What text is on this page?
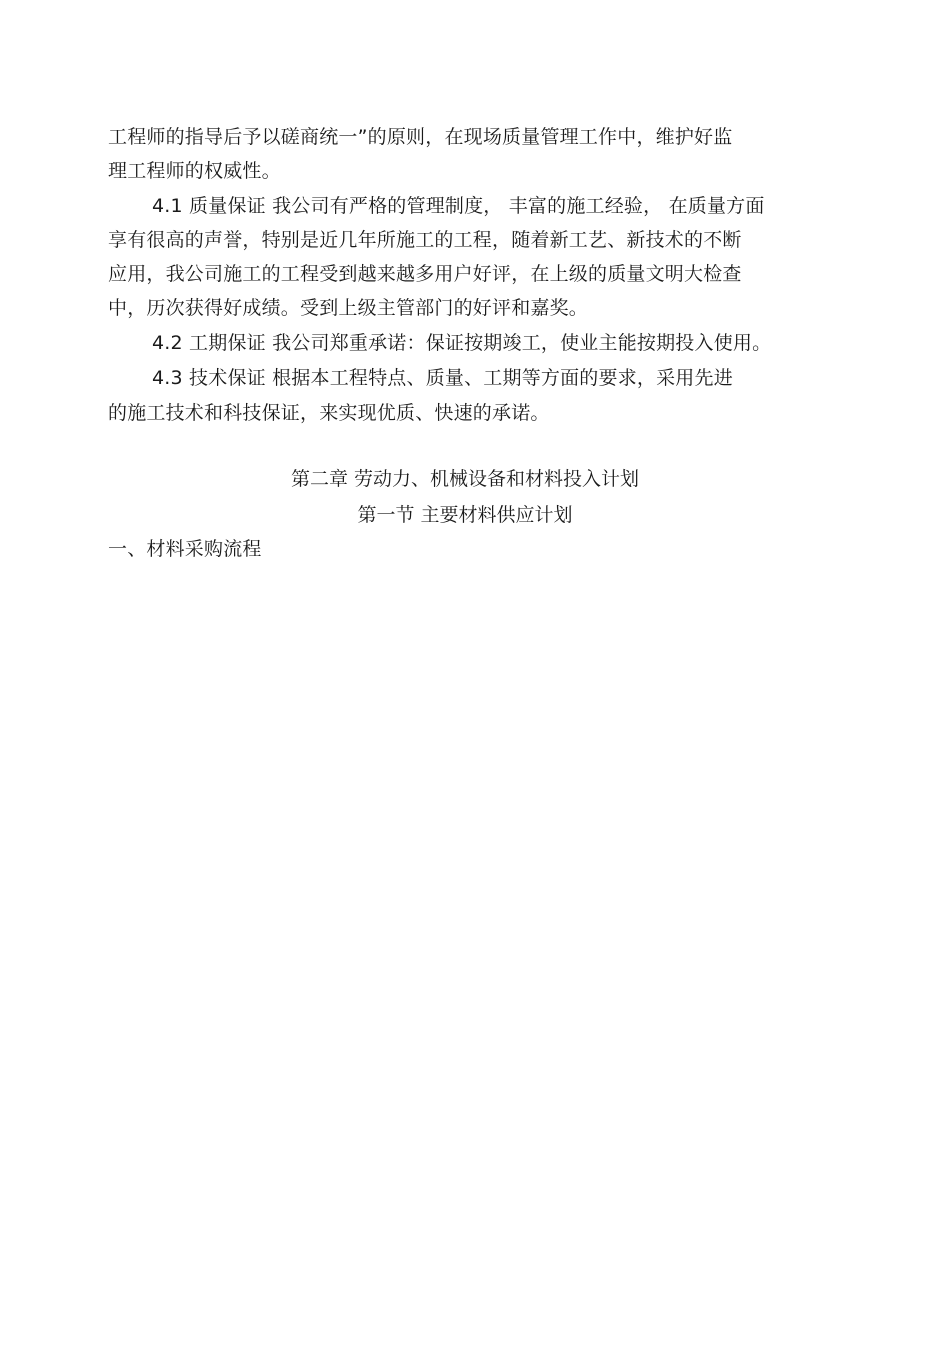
工程师的指导后予以磋商统一”的原则，在现场质量管理工作中，维护好监
理工程师的权威性。
4.1 质量保证 我公司有严格的管理制度， 丰富的施工经验， 在质量方面
享有很高的声誉，特别是近几年所施工的工程，随着新工艺、新技术的不断
应用，我公司施工的工程受到越来越多用户好评，在上级的质量文明大检查
中，历次获得好成绩。受到上级主管部门的好评和嘉奖。
4.2 工期保证 我公司郑重承诺：保证按期竣工，使业主能按期投入使用。
4.3 技术保证 根据本工程特点、质量、工期等方面的要求，采用先进
的施工技术和科技保证，来实现优质、快速的承诺。
第二章 劳动力、机械设备和材料投入计划
第一节 主要材料供应计划
一、材料采购流程
